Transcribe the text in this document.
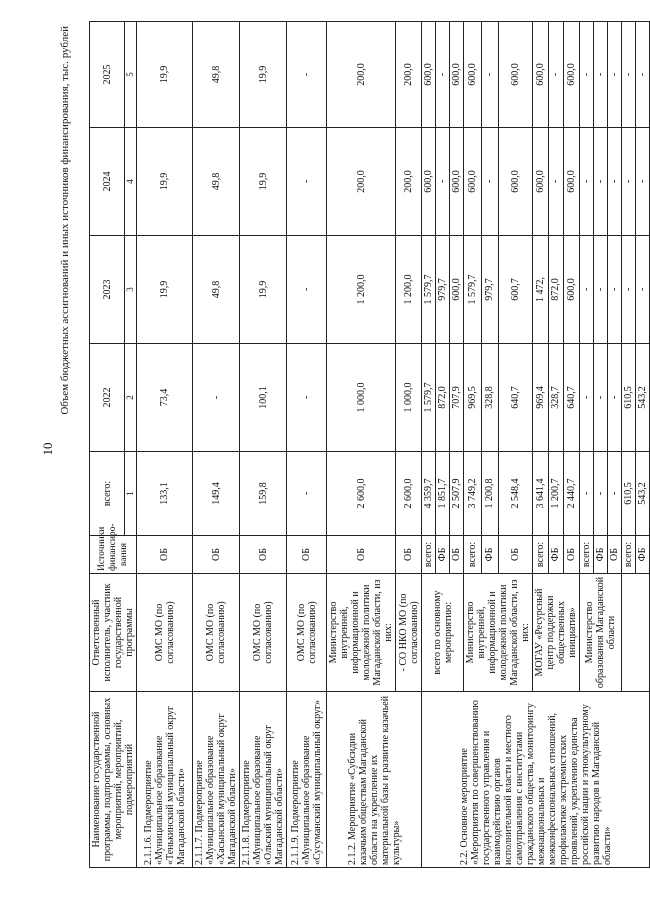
10
Объем бюджетных ассигнований и иных источников финансирования, тыс. рублей
Наименование государственной программы, подпрограммы, основных мероприятий, мероприятий, подмероприятий	Ответственный исполнитель, участник государственной программы	Источники финансиро-вания	всего:	2022	2023	2024	2025	
			1	2	3	4	5			
2.1.1.6. Подмероприятие «Муниципальное образование «Тенькинский муниципальный округ Магаданской области»	ОМС МО (по согласованию)	ОБ	133,1	73,4	19,9	19,9	19,9	
2.1.1.7. Подмероприятие «Муниципальное образование «Хасынский муниципальный округ Магаданской области»	ОМС МО (по согласованию)	ОБ	149,4	-	49,8	49,8	49,8	
2.1.1.8. Подмероприятие «Муниципальное образование «Ольский муниципальный округ Магаданской области»	ОМС МО (по согласованию)	ОБ	159,8	100,1	19,9	19,9	19,9	
2.1.1.9. Подмероприятие «Муниципальное образование «Сусуманский муниципальный округ»	ОМС МО (по согласованию)	ОБ	-	-	-	-	-	
2.1.2. Мероприятие «Субсидии казачьим обществам Магаданской области на укрепление их материальной базы и развитие казачьей культуры»	Министерство внутренней, информационной и молодежной политики Магаданской области, из них:	ОБ	2 600,0	1 000,0	1 200,0	200,0	200,0	
	- СО НКО МО (по согласованию)	ОБ	2 600,0	1 000,0	1 200,0	200,0	200,0	
2.2. Основное мероприятие «Мероприятия по совершенствованию государственного управления и взаимодействию органов исполнительной власти и местного самоуправления с институтами гражданского общества, мониторингу межнациональных и межконфессиональных отношений, профилактике экстремистских проявлений, укреплению единства российской нации и этнокультурному развитию народов в Магаданской области»	всего по основному мероприятию:	всего:	4 359,7	1 579,7	1 579,7	600,0	600,0	
		ФБ	1 851,7	872,0	979,7	-	-	
		ОБ	2 507,9	707,9	600,0	600,0	600,0	
	Министерство внутренней, информационной и молодежной политики Магаданской области, из них:	всего:	3 749,2	969,5	1 579,7	600,0	600,0	
		ФБ	1 200,8	328,8	979,7	-	-	
		ОБ	2 548,4	640,7	600,7	600,0	600,0	
	МОГАУ «Ресурсный центр поддержки общественных инициатив»	всего:	3 641,4	969,4	1 472,	600,0	600,0	
		ФБ	1 200,7	328,7	872,0	-	-	
		ОБ	2 440,7	640,7	600,0	600,0	600,0	
	Министерство образования Магаданской области	всего:	-	-	-	-	-	
		ФБ	-	-	-	-	-	
		ОБ	-	-	-	-	-	
		всего:	610,5	610,5	-	-	-	
		ФБ	543,2	543,2	-	-	-	
